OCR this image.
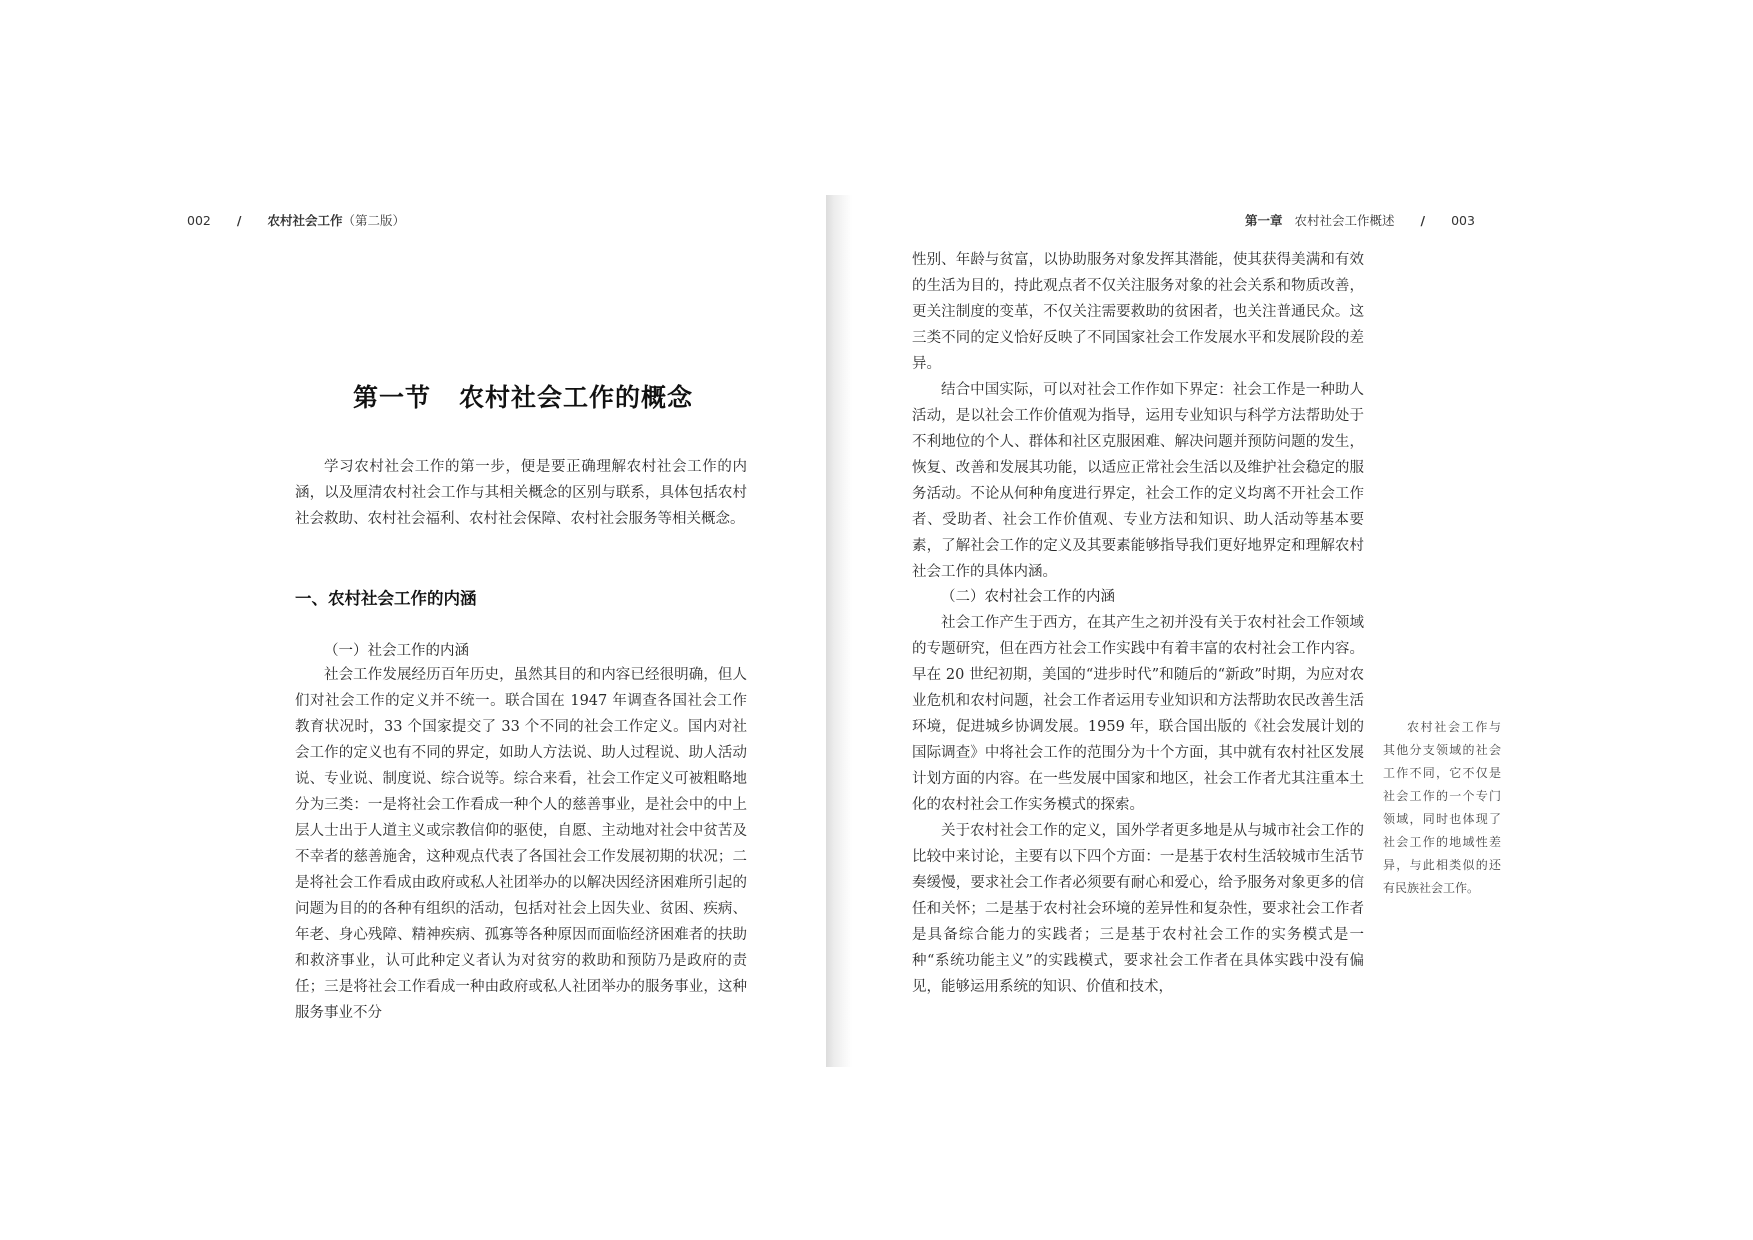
002 / 农村社会工作（第二版）
第一节 农村社会工作的概念

学习农村社会工作的第一步，便是要正确理解农村社会工作的内涵，以及厘清农村社会工作与其相关概念的区别与联系，具体包括农村社会救助、农村社会福利、农村社会保障、农村社会服务等相关概念。

一、农村社会工作的内涵
（一）社会工作的内涵

社会工作发展经历百年历史，虽然其目的和内容已经很明确，但人们对社会工作的定义并不统一。联合国在 1947 年调查各国社会工作教育状况时，33 个国家提交了 33 个不同的社会工作定义。国内对社会工作的定义也有不同的界定，如助人方法说、助人过程说、助人活动说、专业说、制度说、综合说等。综合来看，社会工作定义可被粗略地分为三类：一是将社会工作看成一种个人的慈善事业，是社会中的中上层人士出于人道主义或宗教信仰的驱使，自愿、主动地对社会中贫苦及不幸者的慈善施舍，这种观点代表了各国社会工作发展初期的状况；二是将社会工作看成由政府或私人社团举办的以解决因经济困难所引起的问题为目的的各种有组织的活动，包括对社会上因失业、贫困、疾病、年老、身心残障、精神疾病、孤寡等各种原因而面临经济困难者的扶助和救济事业，认可此种定义者认为对贫穷的救助和预防乃是政府的责任；三是将社会工作看成一种由政府或私人社团举办的服务事业，这种服务事业不分

第一章 农村社会工作概述 / 003

性别、年龄与贫富，以协助服务对象发挥其潜能，使其获得美满和有效的生活为目的，持此观点者不仅关注服务对象的社会关系和物质改善，更关注制度的变革，不仅关注需要救助的贫困者，也关注普通民众。这三类不同的定义恰好反映了不同国家社会工作发展水平和发展阶段的差异。

结合中国实际，可以对社会工作作如下界定：社会工作是一种助人活动，是以社会工作价值观为指导，运用专业知识与科学方法帮助处于不利地位的个人、群体和社区克服困难、解决问题并预防问题的发生，恢复、改善和发展其功能，以适应正常社会生活以及维护社会稳定的服务活动。不论从何种角度进行界定，社会工作的定义均离不开社会工作者、受助者、社会工作价值观、专业方法和知识、助人活动等基本要素，了解社会工作的定义及其要素能够指导我们更好地界定和理解农村社会工作的具体内涵。

（二）农村社会工作的内涵

社会工作产生于西方，在其产生之初并没有关于农村社会工作领域的专题研究，但在西方社会工作实践中有着丰富的农村社会工作内容。早在 20 世纪初期，美国的“进步时代”和随后的“新政”时期，为应对农业危机和农村问题，社会工作者运用专业知识和方法帮助农民改善生活环境，促进城乡协调发展。1959 年，联合国出版的《社会发展计划的国际调查》中将社会工作的范围分为十个方面，其中就有农村社区发展计划方面的内容。在一些发展中国家和地区，社会工作者尤其注重本土化的农村社会工作实务模式的探索。

关于农村社会工作的定义，国外学者更多地是从与城市社会工作的比较中来讨论，主要有以下四个方面：一是基于农村生活较城市生活节奏缓慢，要求社会工作者必须要有耐心和爱心，给予服务对象更多的信任和关怀；二是基于农村社会环境的差异性和复杂性，要求社会工作者是具备综合能力的实践者；三是基于农村社会工作的实务模式是一种“系统功能主义”的实践模式，要求社会工作者在具体实践中没有偏见，能够运用系统的知识、价值和技术，

农村社会工作与其他分支领域的社会工作不同，它不仅是社会工作的一个专门领域，同时也体现了社会工作的地域性差异，与此相类似的还有民族社会工作。
